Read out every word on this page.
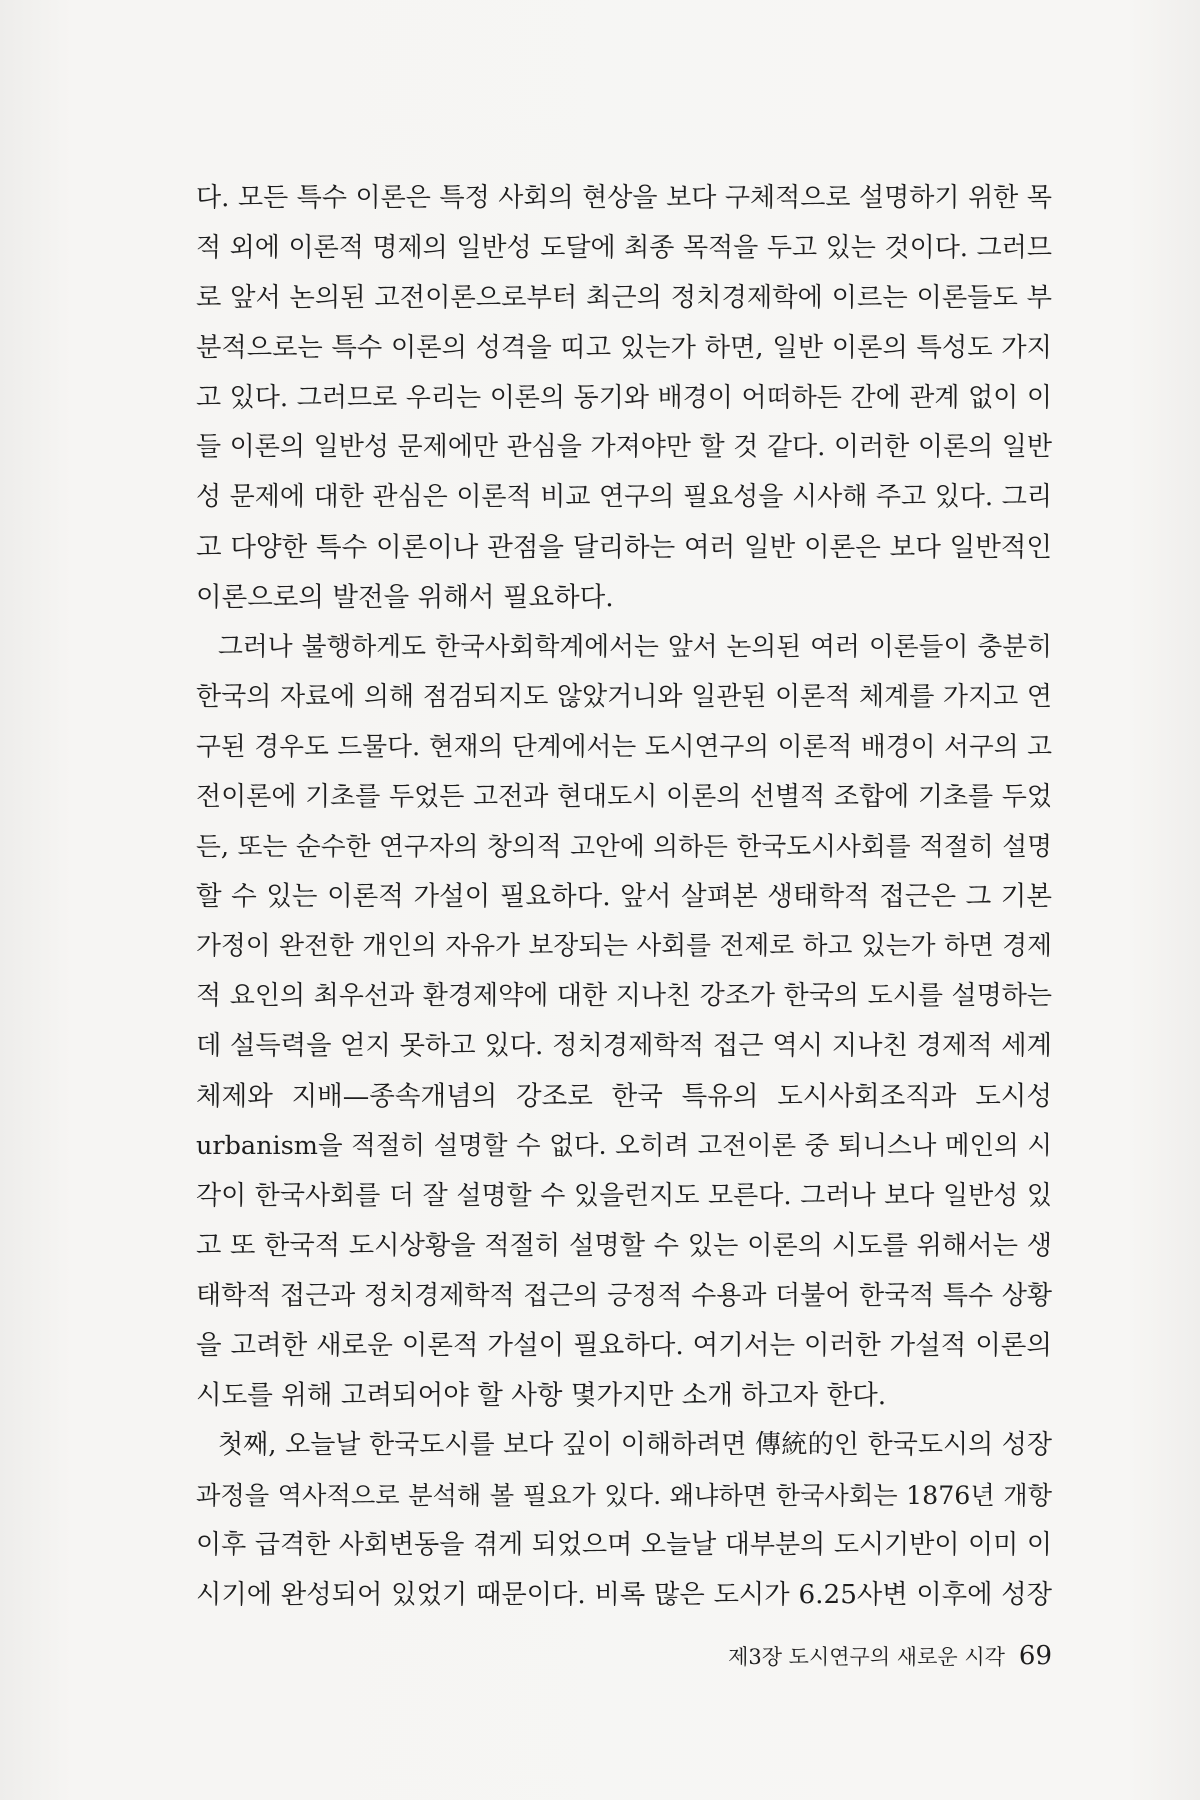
다. 모든 특수 이론은 특정 사회의 현상을 보다 구체적으로 설명하기 위한 목
적 외에 이론적 명제의 일반성 도달에 최종 목적을 두고 있는 것이다. 그러므
로 앞서 논의된 고전이론으로부터 최근의 정치경제학에 이르는 이론들도 부
분적으로는 특수 이론의 성격을 띠고 있는가 하면, 일반 이론의 특성도 가지
고 있다. 그러므로 우리는 이론의 동기와 배경이 어떠하든 간에 관계 없이 이
들 이론의 일반성 문제에만 관심을 가져야만 할 것 같다. 이러한 이론의 일반
성 문제에 대한 관심은 이론적 비교 연구의 필요성을 시사해 주고 있다. 그리
고 다양한 특수 이론이나 관점을 달리하는 여러 일반 이론은 보다 일반적인
이론으로의 발전을 위해서 필요하다.
그러나 불행하게도 한국사회학계에서는 앞서 논의된 여러 이론들이 충분히
한국의 자료에 의해 점검되지도 않았거니와 일관된 이론적 체계를 가지고 연
구된 경우도 드물다. 현재의 단계에서는 도시연구의 이론적 배경이 서구의 고
전이론에 기초를 두었든 고전과 현대도시 이론의 선별적 조합에 기초를 두었
든, 또는 순수한 연구자의 창의적 고안에 의하든 한국도시사회를 적절히 설명
할 수 있는 이론적 가설이 필요하다. 앞서 살펴본 생태학적 접근은 그 기본
가정이 완전한 개인의 자유가 보장되는 사회를 전제로 하고 있는가 하면 경제
적 요인의 최우선과 환경제약에 대한 지나친 강조가 한국의 도시를 설명하는
데 설득력을 얻지 못하고 있다. 정치경제학적 접근 역시 지나친 경제적 세계
체제와 지배—종속개념의 강조로 한국 특유의 도시사회조직과 도시성
urbanism을 적절히 설명할 수 없다. 오히려 고전이론 중 퇴니스나 메인의 시
각이 한국사회를 더 잘 설명할 수 있을런지도 모른다. 그러나 보다 일반성 있
고 또 한국적 도시상황을 적절히 설명할 수 있는 이론의 시도를 위해서는 생
태학적 접근과 정치경제학적 접근의 긍정적 수용과 더불어 한국적 특수 상황
을 고려한 새로운 이론적 가설이 필요하다. 여기서는 이러한 가설적 이론의
시도를 위해 고려되어야 할 사항 몇가지만 소개 하고자 한다.
첫째, 오늘날 한국도시를 보다 깊이 이해하려면 傳統的인 한국도시의 성장
과정을 역사적으로 분석해 볼 필요가 있다. 왜냐하면 한국사회는 1876년 개항
이후 급격한 사회변동을 겪게 되었으며 오늘날 대부분의 도시기반이 이미 이
시기에 완성되어 있었기 때문이다. 비록 많은 도시가 6.25사변 이후에 성장
제3장 도시연구의 새로운 시각 69
